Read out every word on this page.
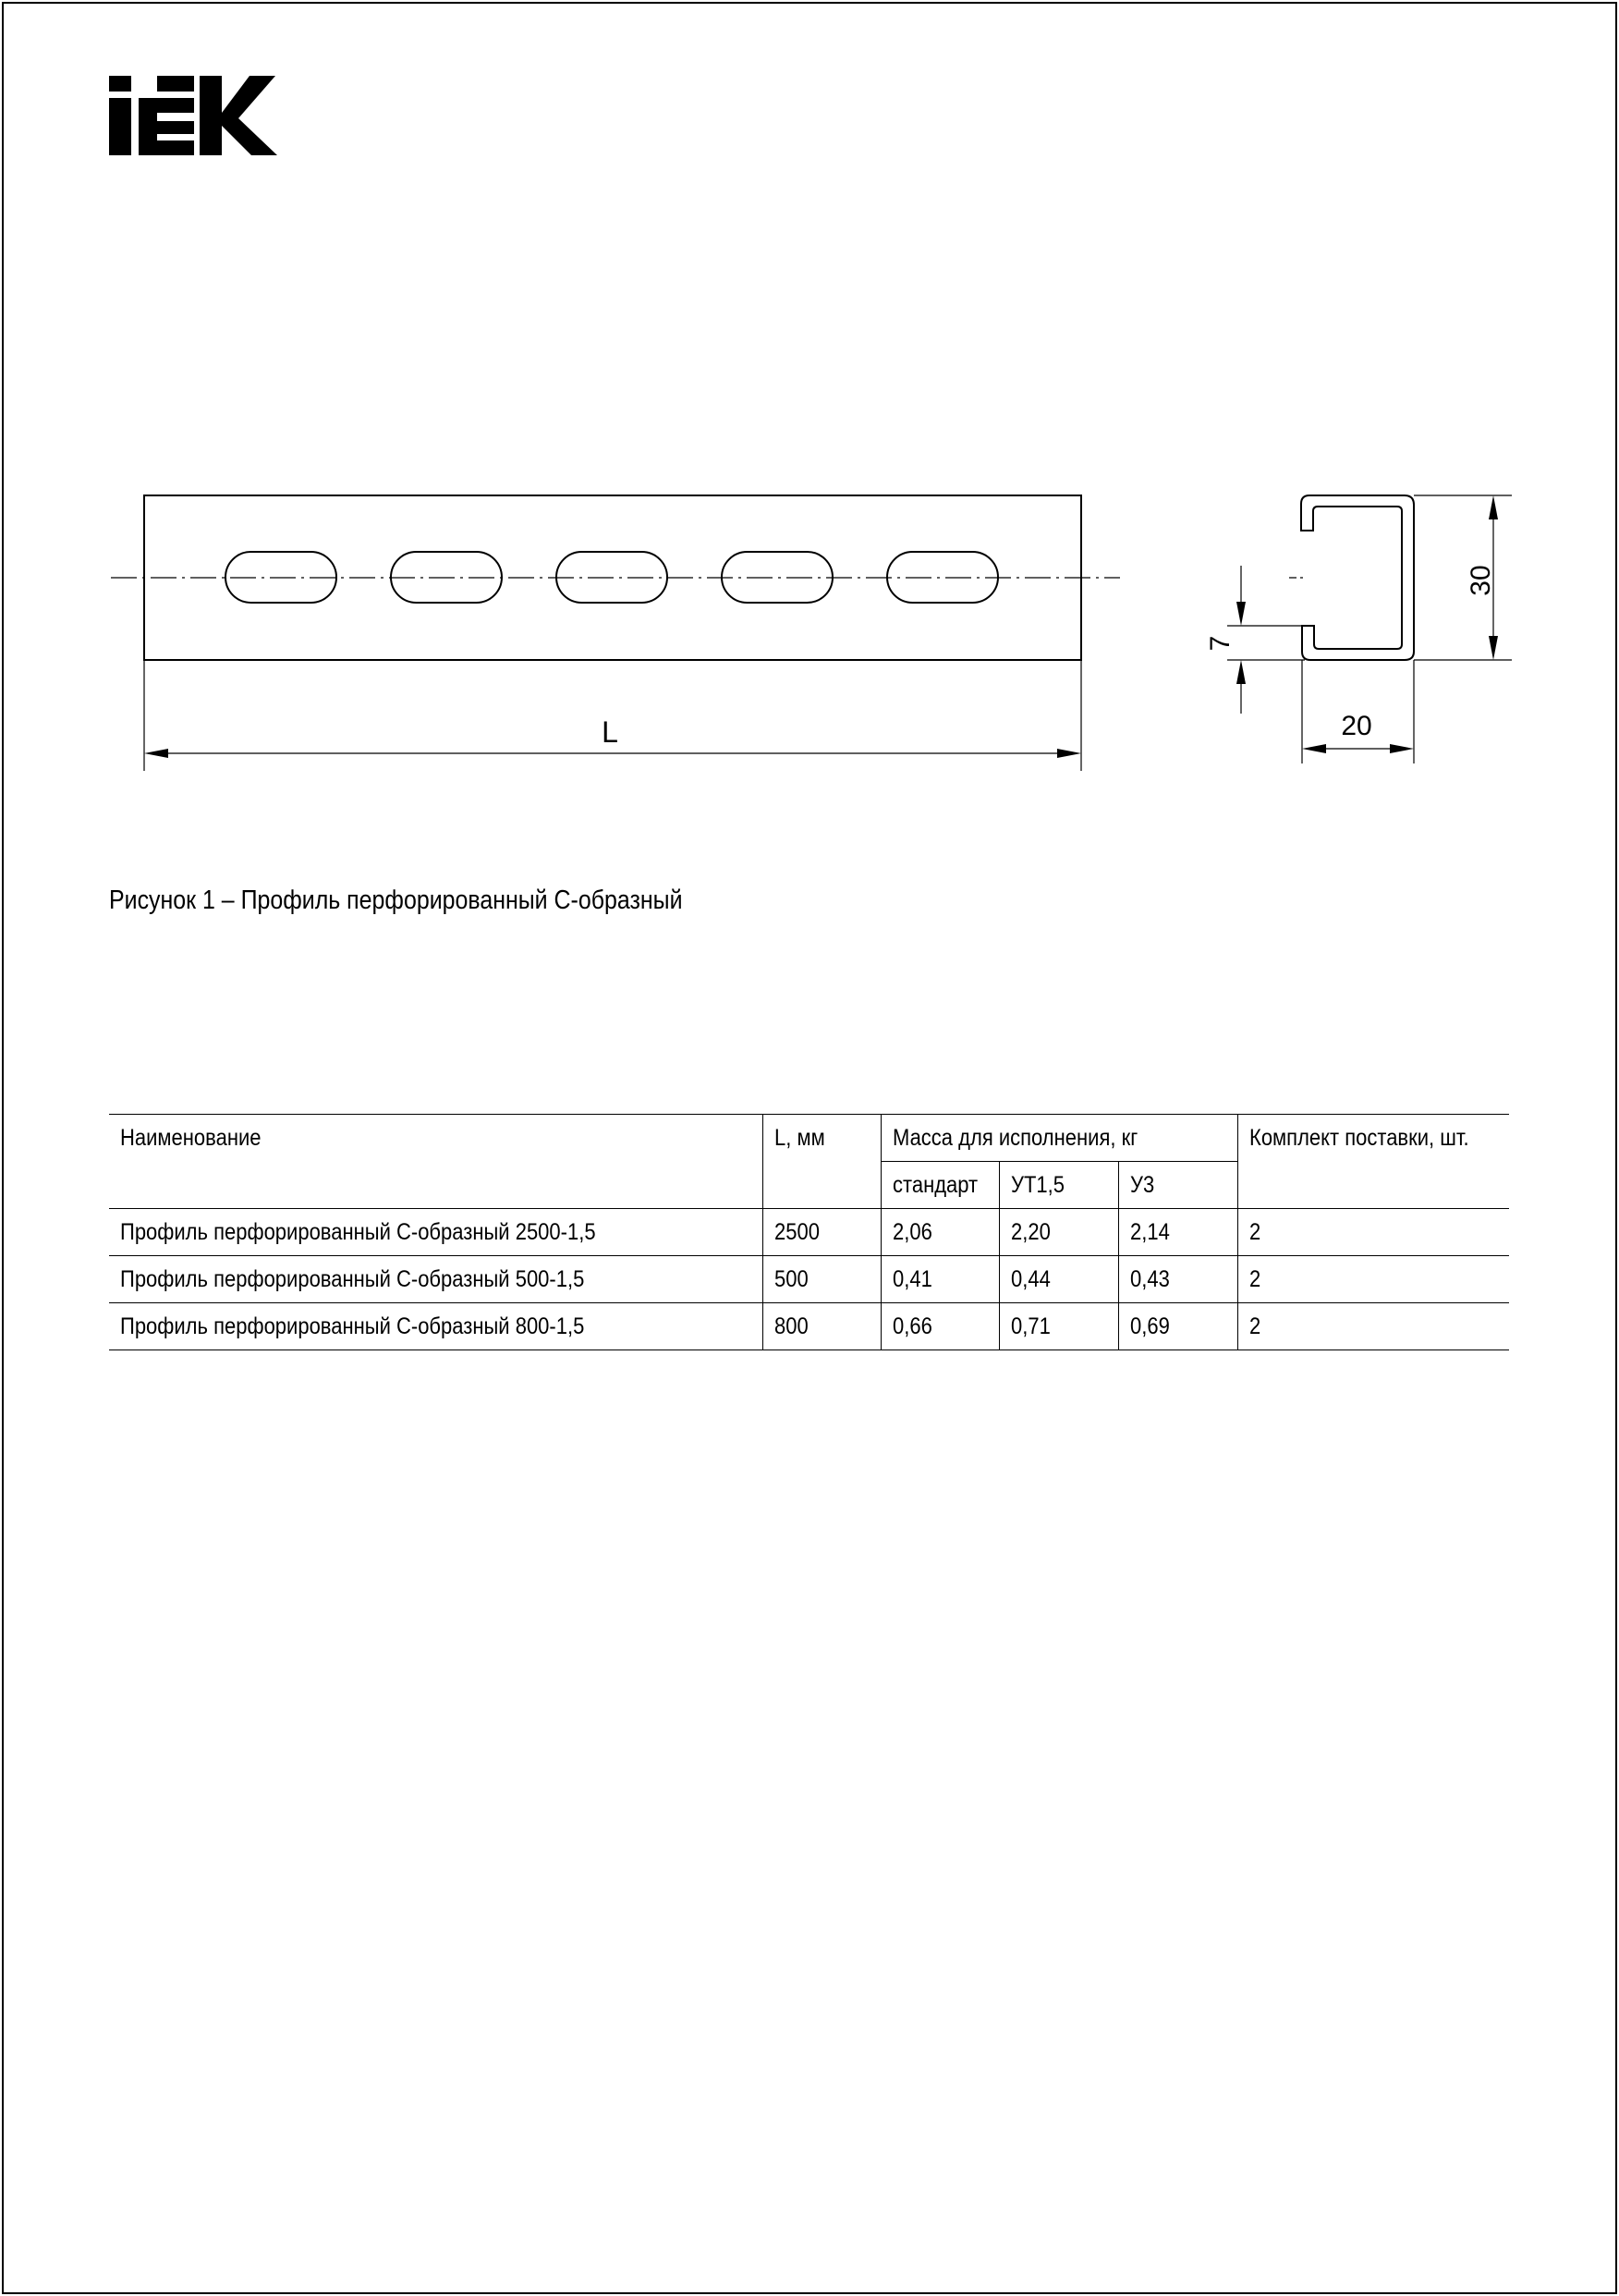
L
30
7
20
Рисунок 1 – Профиль перфорированный С-образный
Наименование	L, мм	Масса для исполнения, кг			Комплект поставки, шт.
		стандарт	УТ1,5	У3	
Профиль перфорированный С-образный 2500-1,5	2500	2,06	2,20	2,14	2
Профиль перфорированный С-образный 500-1,5	500	0,41	0,44	0,43	2
Профиль перфорированный С-образный 800-1,5	800	0,66	0,71	0,69	2
